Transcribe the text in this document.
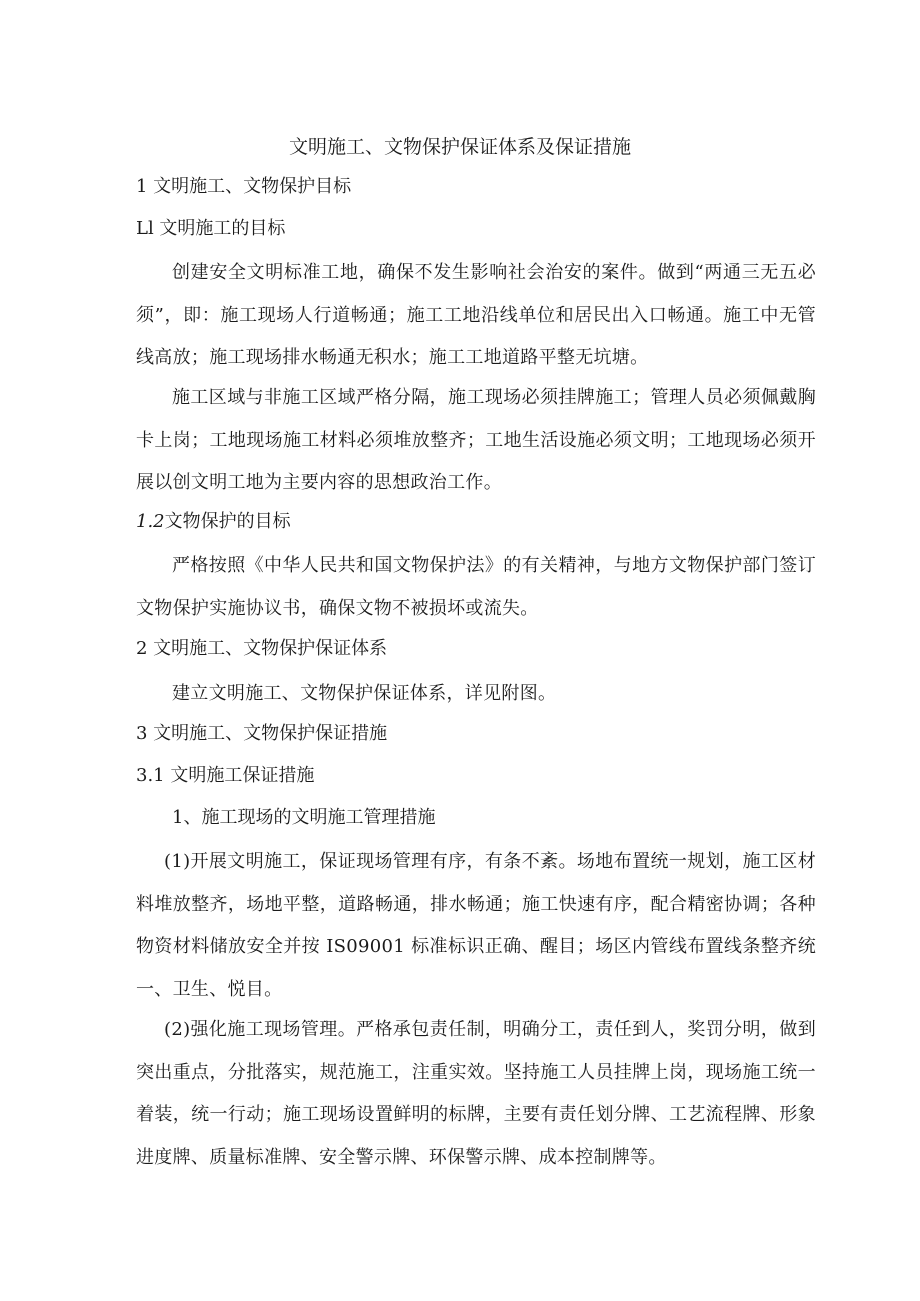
文明施工、文物保护保证体系及保证措施
1 文明施工、文物保护目标
Ll 文明施工的目标
创建安全文明标准工地，确保不发生影响社会治安的案件。做到“两通三无五必须”，即：施工现场人行道畅通；施工工地沿线单位和居民出入口畅通。施工中无管线高放；施工现场排水畅通无积水；施工工地道路平整无坑塘。
施工区域与非施工区域严格分隔，施工现场必须挂牌施工；管理人员必须佩戴胸卡上岗；工地现场施工材料必须堆放整齐；工地生活设施必须文明；工地现场必须开展以创文明工地为主要内容的思想政治工作。
1.2文物保护的目标
严格按照《中华人民共和国文物保护法》的有关精神，与地方文物保护部门签订文物保护实施协议书，确保文物不被损坏或流失。
2 文明施工、文物保护保证体系
建立文明施工、文物保护保证体系，详见附图。
3 文明施工、文物保护保证措施
3.1 文明施工保证措施
1、施工现场的文明施工管理措施
(1)开展文明施工，保证现场管理有序，有条不紊。场地布置统一规划，施工区材料堆放整齐，场地平整，道路畅通，排水畅通；施工快速有序，配合精密协调；各种物资材料储放安全并按 IS09001 标准标识正确、醒目；场区内管线布置线条整齐统一、卫生、悦目。
(2)强化施工现场管理。严格承包责任制，明确分工，责任到人，奖罚分明，做到突出重点，分批落实，规范施工，注重实效。坚持施工人员挂牌上岗，现场施工统一着装，统一行动；施工现场设置鲜明的标牌，主要有责任划分牌、工艺流程牌、形象进度牌、质量标准牌、安全警示牌、环保警示牌、成本控制牌等。
